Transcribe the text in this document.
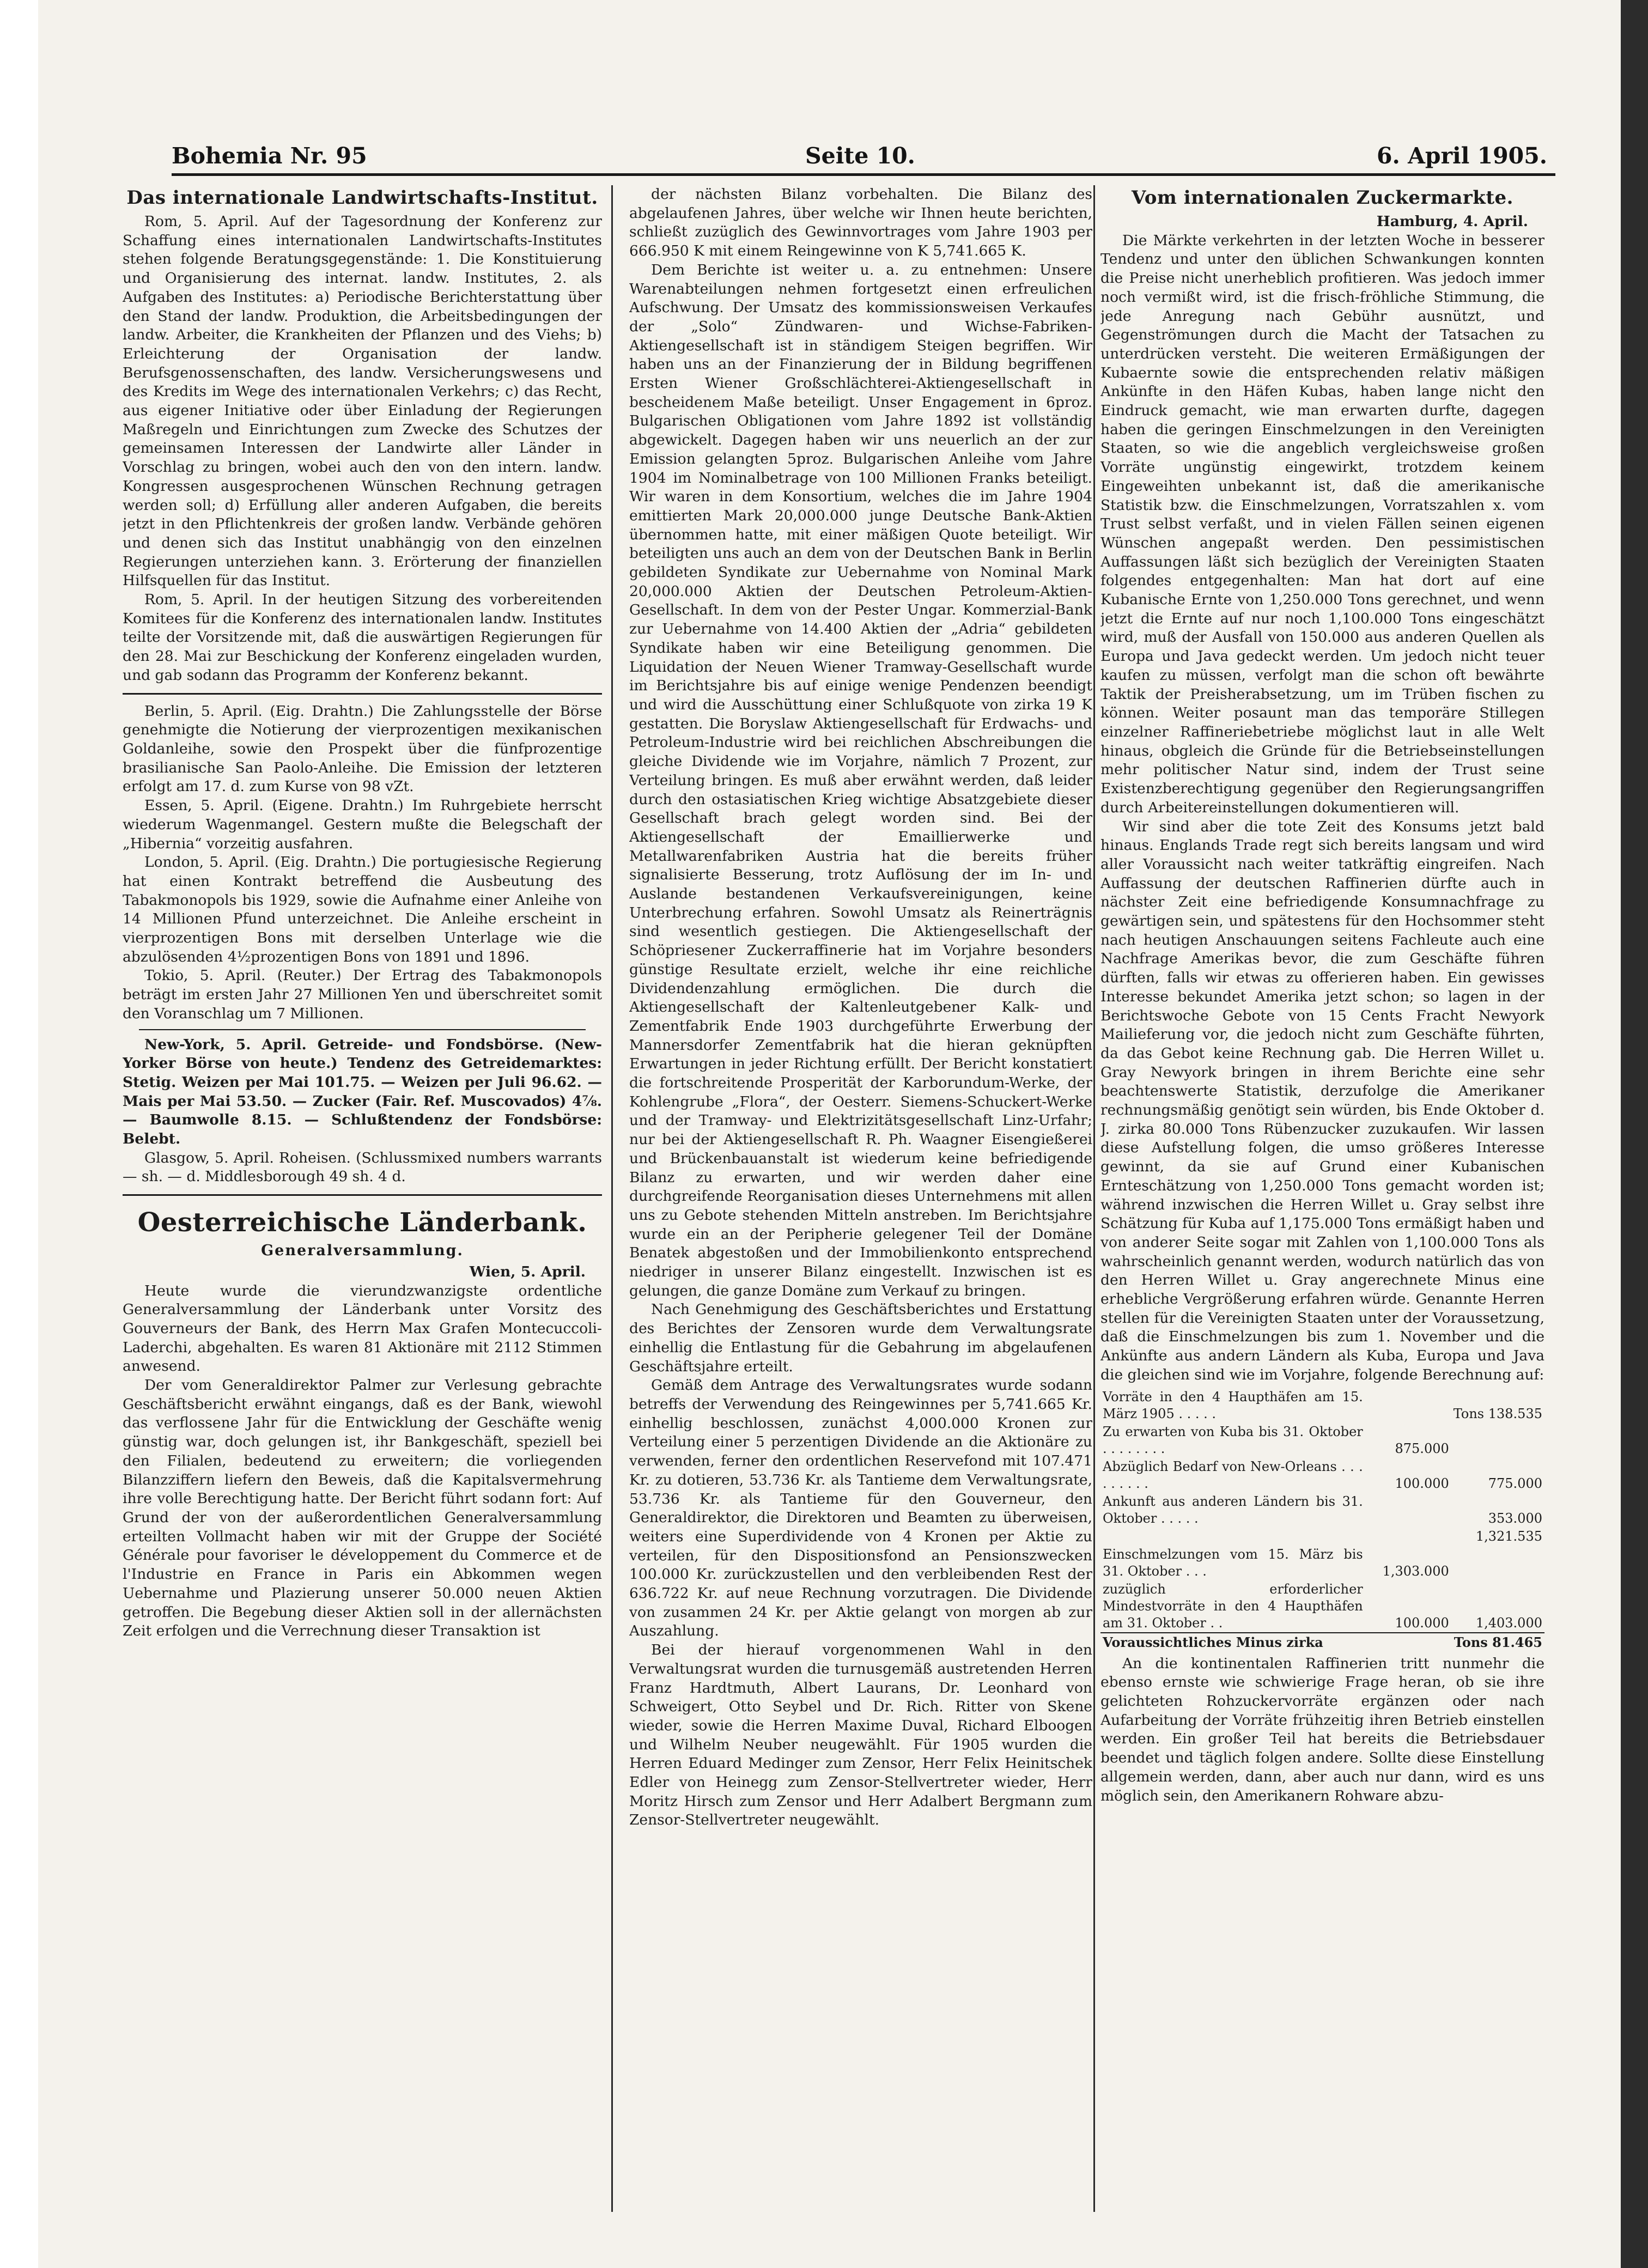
Bohemia Nr. 95	Seite 10.	6. April 1905.
Das internationale Landwirtschafts-Institut.

Rom, 5. April. Auf der Tagesordnung der Konferenz zur Schaffung eines internationalen Landwirtschafts-Institutes stehen folgende Beratungsgegenstände: 1. Die Konstituierung und Organisierung des internat. landw. Institutes, 2. als Aufgaben des Institutes: a) Periodische Berichterstattung über den Stand der landw. Produktion, die Arbeitsbedingungen der landw. Arbeiter, die Krankheiten der Pflanzen und des Viehs; b) Erleichterung der Organisation der landw. Berufsgenossenschaften, des landw. Versicherungswesens und des Kredits im Wege des internationalen Verkehrs; c) das Recht, aus eigener Initiative oder über Einladung der Regierungen Maßregeln und Einrichtungen zum Zwecke des Schutzes der gemeinsamen Interessen der Landwirte aller Länder in Vorschlag zu bringen, wobei auch den von den intern. landw. Kongressen ausgesprochenen Wünschen Rechnung getragen werden soll; d) Erfüllung aller anderen Aufgaben, die bereits jetzt in den Pflichtenkreis der großen landw. Verbände gehören und denen sich das Institut unabhängig von den einzelnen Regierungen unterziehen kann. 3. Erörterung der finanziellen Hilfsquellen für das Institut.

Rom, 5. April. In der heutigen Sitzung des vorbereitenden Komitees für die Konferenz des internationalen landw. Institutes teilte der Vorsitzende mit, daß die auswärtigen Regierungen für den 28. Mai zur Beschickung der Konferenz eingeladen wurden, und gab sodann das Programm der Konferenz bekannt.

Berlin, 5. April. (Eig. Drahtn.) Die Zahlungsstelle der Börse genehmigte die Notierung der vierprozentigen mexikanischen Goldanleihe, sowie den Prospekt über die fünfprozentige brasilianische San Paolo-Anleihe. Die Emission der letzteren erfolgt am 17. d. zum Kurse von 98 vZt.

Essen, 5. April. (Eigene. Drahtn.) Im Ruhrgebiete herrscht wiederum Wagenmangel. Gestern mußte die Belegschaft der „Hibernia“ vorzeitig ausfahren.

London, 5. April. (Eig. Drahtn.) Die portugiesische Regierung hat einen Kontrakt betreffend die Ausbeutung des Tabakmonopols bis 1929, sowie die Aufnahme einer Anleihe von 14 Millionen Pfund unterzeichnet. Die Anleihe erscheint in vierprozentigen Bons mit derselben Unterlage wie die abzulösenden 4½prozentigen Bons von 1891 und 1896.

Tokio, 5. April. (Reuter.) Der Ertrag des Tabakmonopols beträgt im ersten Jahr 27 Millionen Yen und überschreitet somit den Voranschlag um 7 Millionen.

New-York, 5. April. Getreide- und Fondsbörse. (New-Yorker Börse von heute.) Tendenz des Getreidemarktes: Stetig. Weizen per Mai 101.75. — Weizen per Juli 96.62. — Mais per Mai 53.50. — Zucker (Fair. Ref. Muscovados) 4⅞. — Baumwolle 8.15. — Schlußtendenz der Fondsbörse: Belebt.

Glasgow, 5. April. Roheisen. (Schlussmixed numbers warrants — sh. — d. Middlesborough 49 sh. 4 d.

Oesterreichische Länderbank.
Generalversammlung.
Wien, 5. April.

Heute wurde die vierundzwanzigste ordentliche Generalversammlung der Länderbank unter Vorsitz des Gouverneurs der Bank, des Herrn Max Grafen Montecuccoli-Laderchi, abgehalten. Es waren 81 Aktionäre mit 2112 Stimmen anwesend.

Der vom Generaldirektor Palmer zur Verlesung gebrachte Geschäftsbericht erwähnt eingangs, daß es der Bank, wiewohl das verflossene Jahr für die Entwicklung der Geschäfte wenig günstig war, doch gelungen ist, ihr Bankgeschäft, speziell bei den Filialen, bedeutend zu erweitern; die vorliegenden Bilanzziffern liefern den Beweis, daß die Kapitalsvermehrung ihre volle Berechtigung hatte. Der Bericht führt sodann fort: Auf Grund der von der außerordentlichen Generalversammlung erteilten Vollmacht haben wir mit der Gruppe der Société Générale pour favoriser le développement du Commerce et de l'Industrie en France in Paris ein Abkommen wegen Uebernahme und Plazierung unserer 50.000 neuen Aktien getroffen. Die Begebung dieser Aktien soll in der allernächsten Zeit erfolgen und die Verrechnung dieser Transaktion ist

der nächsten Bilanz vorbehalten. Die Bilanz des abgelaufenen Jahres, über welche wir Ihnen heute berichten, schließt zuzüglich des Gewinnvortrages vom Jahre 1903 per 666.950 K mit einem Reingewinne von K 5,741.665 K.

Dem Berichte ist weiter u. a. zu entnehmen: Unsere Warenabteilungen nehmen fortgesetzt einen erfreulichen Aufschwung. Der Umsatz des kommissionsweisen Verkaufes der „Solo“ Zündwaren- und Wichse-Fabriken-Aktiengesellschaft ist in ständigem Steigen begriffen. Wir haben uns an der Finanzierung der in Bildung begriffenen Ersten Wiener Großschlächterei-Aktiengesellschaft in bescheidenem Maße beteiligt. Unser Engagement in 6proz. Bulgarischen Obligationen vom Jahre 1892 ist vollständig abgewickelt. Dagegen haben wir uns neuerlich an der zur Emission gelangten 5proz. Bulgarischen Anleihe vom Jahre 1904 im Nominalbetrage von 100 Millionen Franks beteiligt. Wir waren in dem Konsortium, welches die im Jahre 1904 emittierten Mark 20,000.000 junge Deutsche Bank-Aktien übernommen hatte, mit einer mäßigen Quote beteiligt. Wir beteiligten uns auch an dem von der Deutschen Bank in Berlin gebildeten Syndikate zur Uebernahme von Nominal Mark 20,000.000 Aktien der Deutschen Petroleum-Aktien-Gesellschaft. In dem von der Pester Ungar. Kommerzial-Bank zur Uebernahme von 14.400 Aktien der „Adria“ gebildeten Syndikate haben wir eine Beteiligung genommen. Die Liquidation der Neuen Wiener Tramway-Gesellschaft wurde im Berichtsjahre bis auf einige wenige Pendenzen beendigt und wird die Ausschüttung einer Schlußquote von zirka 19 K gestatten. Die Boryslaw Aktiengesellschaft für Erdwachs- und Petroleum-Industrie wird bei reichlichen Abschreibungen die gleiche Dividende wie im Vorjahre, nämlich 7 Prozent, zur Verteilung bringen. Es muß aber erwähnt werden, daß leider durch den ostasiatischen Krieg wichtige Absatzgebiete dieser Gesellschaft brach gelegt worden sind. Bei der Aktiengesellschaft der Emaillierwerke und Metallwarenfabriken Austria hat die bereits früher signalisierte Besserung, trotz Auflösung der im In- und Auslande bestandenen Verkaufsvereinigungen, keine Unterbrechung erfahren. Sowohl Umsatz als Reinerträgnis sind wesentlich gestiegen. Die Aktiengesellschaft der Schöpriesener Zuckerraffinerie hat im Vorjahre besonders günstige Resultate erzielt, welche ihr eine reichliche Dividendenzahlung ermöglichen. Die durch die Aktiengesellschaft der Kaltenleutgebener Kalk- und Zementfabrik Ende 1903 durchgeführte Erwerbung der Mannersdorfer Zementfabrik hat die hieran geknüpften Erwartungen in jeder Richtung erfüllt. Der Bericht konstatiert die fortschreitende Prosperität der Karborundum-Werke, der Kohlengrube „Flora“, der Oesterr. Siemens-Schuckert-Werke und der Tramway- und Elektrizitätsgesellschaft Linz-Urfahr; nur bei der Aktiengesellschaft R. Ph. Waagner Eisengießerei und Brückenbauanstalt ist wiederum keine befriedigende Bilanz zu erwarten, und wir werden daher eine durchgreifende Reorganisation dieses Unternehmens mit allen uns zu Gebote stehenden Mitteln anstreben. Im Berichtsjahre wurde ein an der Peripherie gelegener Teil der Domäne Benatek abgestoßen und der Immobilienkonto entsprechend niedriger in unserer Bilanz eingestellt. Inzwischen ist es gelungen, die ganze Domäne zum Verkauf zu bringen.

Nach Genehmigung des Geschäftsberichtes und Erstattung des Berichtes der Zensoren wurde dem Verwaltungsrate einhellig die Entlastung für die Gebahrung im abgelaufenen Geschäftsjahre erteilt.

Gemäß dem Antrage des Verwaltungsrates wurde sodann betreffs der Verwendung des Reingewinnes per 5,741.665 Kr. einhellig beschlossen, zunächst 4,000.000 Kronen zur Verteilung einer 5 perzentigen Dividende an die Aktionäre zu verwenden, ferner den ordentlichen Reservefond mit 107.471 Kr. zu dotieren, 53.736 Kr. als Tantieme dem Verwaltungsrate, 53.736 Kr. als Tantieme für den Gouverneur, den Generaldirektor, die Direktoren und Beamten zu überweisen, weiters eine Superdividende von 4 Kronen per Aktie zu verteilen, für den Dispositionsfond an Pensionszwecken 100.000 Kr. zurückzustellen und den verbleibenden Rest der 636.722 Kr. auf neue Rechnung vorzutragen. Die Dividende von zusammen 24 Kr. per Aktie gelangt von morgen ab zur Auszahlung.

Bei der hierauf vorgenommenen Wahl in den Verwaltungsrat wurden die turnusgemäß austretenden Herren Franz Hardtmuth, Albert Laurans, Dr. Leonhard von Schweigert, Otto Seybel und Dr. Rich. Ritter von Skene wieder, sowie die Herren Maxime Duval, Richard Elboogen und Wilhelm Neuber neugewählt. Für 1905 wurden die Herren Eduard Medinger zum Zensor, Herr Felix Heinitschek Edler von Heinegg zum Zensor-Stellvertreter wieder, Herr Moritz Hirsch zum Zensor und Herr Adalbert Bergmann zum Zensor-Stellvertreter neugewählt.

Vom internationalen Zuckermarkte.
Hamburg, 4. April.

Die Märkte verkehrten in der letzten Woche in besserer Tendenz und unter den üblichen Schwankungen konnten die Preise nicht unerheblich profitieren. Was jedoch immer noch vermißt wird, ist die frisch-fröhliche Stimmung, die jede Anregung nach Gebühr ausnützt, und Gegenströmungen durch die Macht der Tatsachen zu unterdrücken versteht. Die weiteren Ermäßigungen der Kubaernte sowie die entsprechenden relativ mäßigen Ankünfte in den Häfen Kubas, haben lange nicht den Eindruck gemacht, wie man erwarten durfte, dagegen haben die geringen Einschmelzungen in den Vereinigten Staaten, so wie die angeblich vergleichsweise großen Vorräte ungünstig eingewirkt, trotzdem keinem Eingeweihten unbekannt ist, daß die amerikanische Statistik bzw. die Einschmelzungen, Vorratszahlen x. vom Trust selbst verfaßt, und in vielen Fällen seinen eigenen Wünschen angepaßt werden. Den pessimistischen Auffassungen läßt sich bezüglich der Vereinigten Staaten folgendes entgegenhalten: Man hat dort auf eine Kubanische Ernte von 1,250.000 Tons gerechnet, und wenn jetzt die Ernte auf nur noch 1,100.000 Tons eingeschätzt wird, muß der Ausfall von 150.000 aus anderen Quellen als Europa und Java gedeckt werden. Um jedoch nicht teuer kaufen zu müssen, verfolgt man die schon oft bewährte Taktik der Preisherabsetzung, um im Trüben fischen zu können. Weiter posaunt man das temporäre Stillegen einzelner Raffineriebetriebe möglichst laut in alle Welt hinaus, obgleich die Gründe für die Betriebseinstellungen mehr politischer Natur sind, indem der Trust seine Existenzberechtigung gegenüber den Regierungsangriffen durch Arbeitereinstellungen dokumentieren will.

Wir sind aber die tote Zeit des Konsums jetzt bald hinaus. Englands Trade regt sich bereits langsam und wird aller Voraussicht nach weiter tatkräftig eingreifen. Nach Auffassung der deutschen Raffinerien dürfte auch in nächster Zeit eine befriedigende Konsumnachfrage zu gewärtigen sein, und spätestens für den Hochsommer steht nach heutigen Anschauungen seitens Fachleute auch eine Nachfrage Amerikas bevor, die zum Geschäfte führen dürften, falls wir etwas zu offerieren haben. Ein gewisses Interesse bekundet Amerika jetzt schon; so lagen in der Berichtswoche Gebote von 15 Cents Fracht Newyork Mailieferung vor, die jedoch nicht zum Geschäfte führten, da das Gebot keine Rechnung gab. Die Herren Willet u. Gray Newyork bringen in ihrem Berichte eine sehr beachtenswerte Statistik, derzufolge die Amerikaner rechnungsmäßig genötigt sein würden, bis Ende Oktober d. J. zirka 80.000 Tons Rübenzucker zuzukaufen. Wir lassen diese Aufstellung folgen, die umso größeres Interesse gewinnt, da sie auf Grund einer Kubanischen Ernteschätzung von 1,250.000 Tons gemacht worden ist; während inzwischen die Herren Willet u. Gray selbst ihre Schätzung für Kuba auf 1,175.000 Tons ermäßigt haben und von anderer Seite sogar mit Zahlen von 1,100.000 Tons als wahrscheinlich genannt werden, wodurch natürlich das von den Herren Willet u. Gray angerechnete Minus eine erhebliche Vergrößerung erfahren würde. Genannte Herren stellen für die Vereinigten Staaten unter der Voraussetzung, daß die Einschmelzungen bis zum 1. November und die Ankünfte aus andern Ländern als Kuba, Europa und Java die gleichen sind wie im Vorjahre, folgende Berechnung auf:

Vorräte in den 4 Haupthäfen am 15. März 1905 . . . . .		Tons 138.535
Zu erwarten von Kuba bis 31. Oktober . . . . . . . .	875.000	
Abzüglich Bedarf von New-Orleans . . . . . . . . .	100.000	775.000
Ankunft aus anderen Ländern bis 31. Oktober . . . . .		353.000
		1,321.535
Einschmelzungen vom 15. März bis 31. Oktober . . .	1,303.000	
zuzüglich erforderlicher Mindestvorräte in den 4 Haupthäfen am 31. Oktober . .	100.000	1,403.000
Voraussichtliches Minus zirka		Tons 81.465

An die kontinentalen Raffinerien tritt nunmehr die ebenso ernste wie schwierige Frage heran, ob sie ihre gelichteten Rohzuckervorräte ergänzen oder nach Aufarbeitung der Vorräte frühzeitig ihren Betrieb einstellen werden. Ein großer Teil hat bereits die Betriebsdauer beendet und täglich folgen andere. Sollte diese Einstellung allgemein werden, dann, aber auch nur dann, wird es uns möglich sein, den Amerikanern Rohware abzu-
